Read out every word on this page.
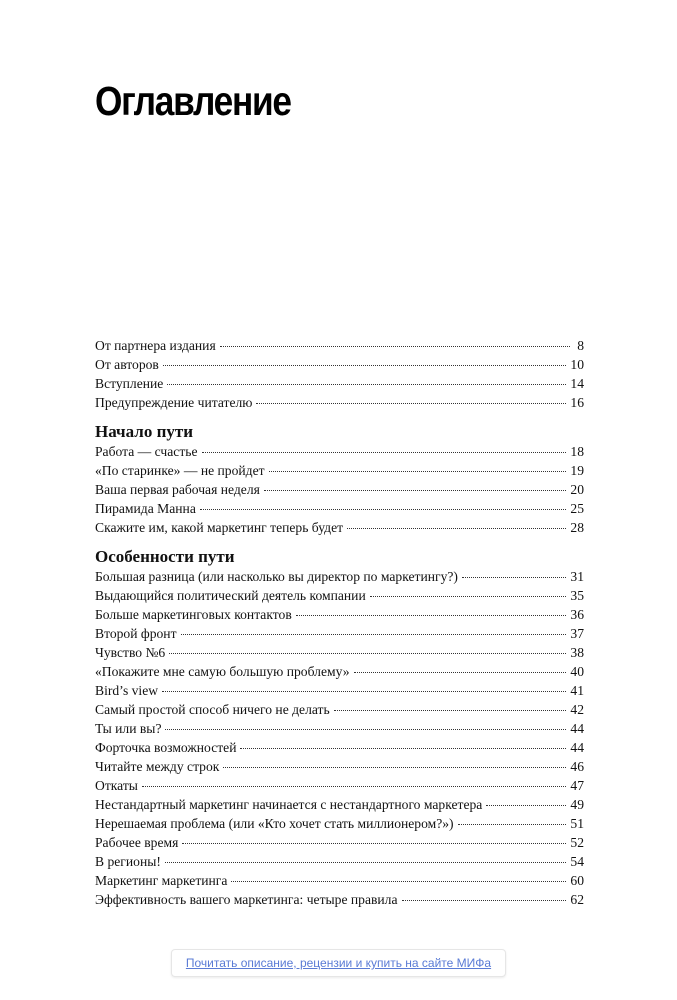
Оглавление
От партнера издания	8
От авторов	10
Вступление	14
Предупреждение читателю	16
Начало пути
Работа — счастье	18
«По старинке» — не пройдет	19
Ваша первая рабочая неделя	20
Пирамида Манна	25
Скажите им, какой маркетинг теперь будет	28
Особенности пути
Большая разница (или насколько вы директор по маркетингу?)	31
Выдающийся политический деятель компании	35
Больше маркетинговых контактов	36
Второй фронт	37
Чувство №6	38
«Покажите мне самую большую проблему»	40
Bird’s view	41
Самый простой способ ничего не делать	42
Ты или вы?	44
Форточка возможностей	44
Читайте между строк	46
Откаты	47
Нестандартный маркетинг начинается с нестандартного маркетера	49
Нерешаемая проблема (или «Кто хочет стать миллионером?»)	51
Рабочее время	52
В регионы!	54
Маркетинг маркетинга	60
Эффективность вашего маркетинга: четыре правила	62
Почитать описание, рецензии и купить на сайте МИФа
